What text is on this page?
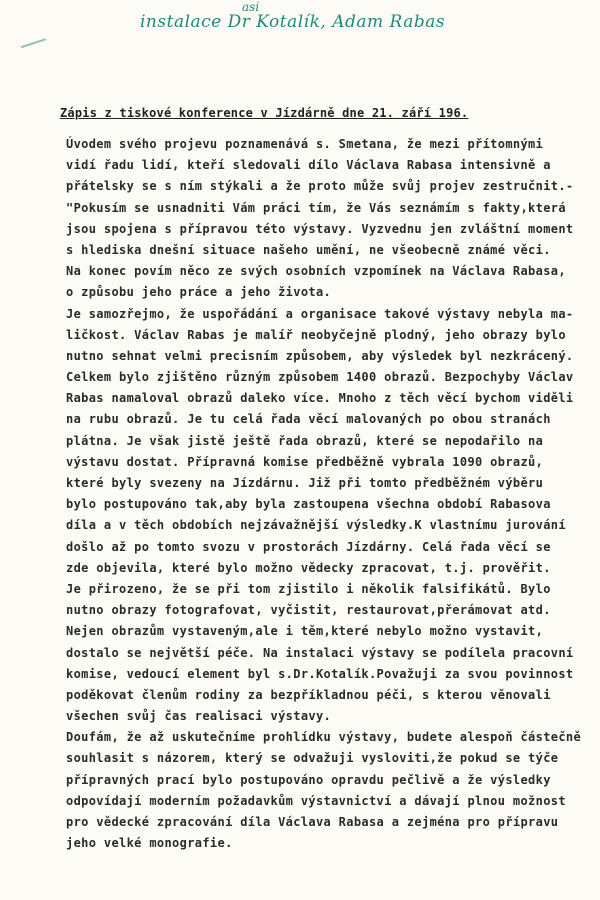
asi
instalace Dr Kotalík, Adam Rabas
Zápis z tiskové konference v Jízdárně dne 21. září 196.
Úvodem svého projevu poznamenává s. Smetana, že mezi přítomnými
vidí řadu lidí, kteří sledovali dílo Václava Rabasa intensivně a
přátelsky se s ním stýkali a že proto může svůj projev zestručnit.-
"Pokusím se usnadniti Vám práci tím, že Vás seznámím s fakty,která
jsou spojena s přípravou této výstavy. Vyzvednu jen zvláštní moment
s hlediska dnešní situace našeho umění, ne všeobecně známé věci.
Na konec povím něco ze svých osobních vzpomínek na Václava Rabasa,
o způsobu jeho práce a jeho života.
Je samozřejmo, že uspořádání a organisace takové výstavy nebyla ma-
ličkost. Václav Rabas je malíř neobyčejně plodný, jeho obrazy bylo
nutno sehnat velmi precisním způsobem, aby výsledek byl nezkrácený.
Celkem bylo zjištěno různým způsobem 1400 obrazů. Bezpochyby Václav
Rabas namaloval obrazů daleko více. Mnoho z těch věcí bychom viděli
na rubu obrazů. Je tu celá řada věcí malovaných po obou stranách
plátna. Je však jistě ještě řada obrazů, které se nepodařilo na
výstavu dostat. Přípravná komise předběžně vybrala 1090 obrazů,
které byly svezeny na Jízdárnu. Již při tomto předběžném výběru
bylo postupováno tak,aby byla zastoupena všechna období Rabasova
díla a v těch obdobích nejzávažnější výsledky.K vlastnímu jurování
došlo až po tomto svozu v prostorách Jízdárny. Celá řada věcí se
zde objevila, které bylo možno vědecky zpracovat, t.j. prověřit.
Je přirozeno, že se při tom zjistilo i několik falsifikátů. Bylo
nutno obrazy fotografovat, vyčistit, restaurovat,přerámovat atd.
Nejen obrazům vystaveným,ale i těm,které nebylo možno vystavit,
dostalo se největší péče. Na instalaci výstavy se podílela pracovní
komise, vedoucí element byl s.Dr.Kotalík.Považuji za svou povinnost
poděkovat členům rodiny za bezpříkladnou péči, s kterou věnovali
všechen svůj čas realisaci výstavy.
Doufám, že až uskutečníme prohlídku výstavy, budete alespoň částečně
souhlasit s názorem, který se odvažuji vysloviti,že pokud se týče
přípravných prací bylo postupováno opravdu pečlivě a že výsledky
odpovídají moderním požadavkům výstavnictví a dávají plnou možnost
pro vědecké zpracování díla Václava Rabasa a zejména pro přípravu
jeho velké monografie.
